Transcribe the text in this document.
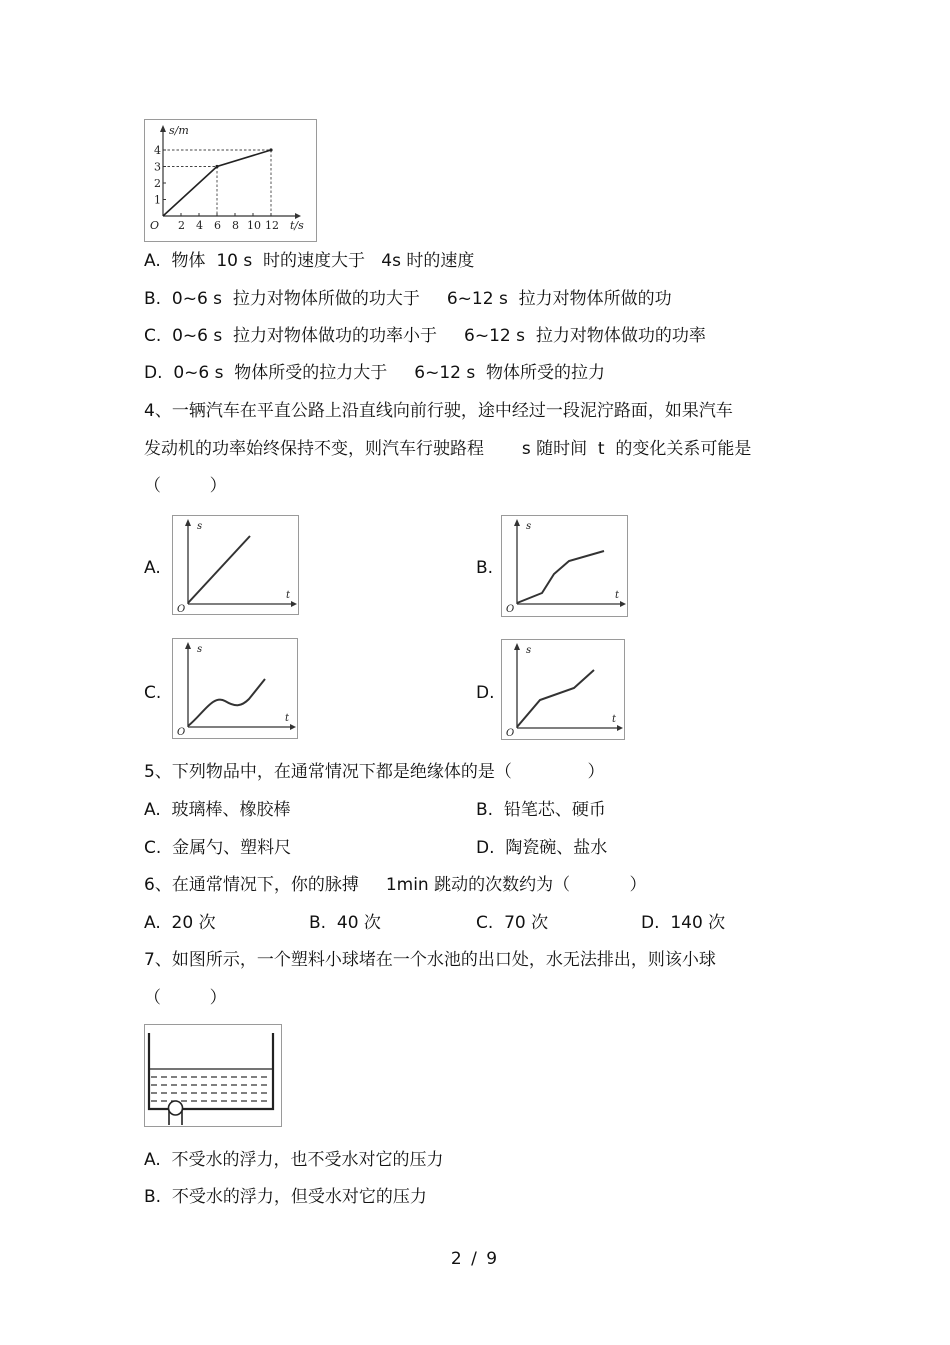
1
2
3
4
2 4 6 8 10 12
s/m
t/s
O
A. 物体  10 s  时的速度大于   4s 时的速度
B. 0~6 s  拉力对物体所做的功大于     6~12 s  拉力对物体所做的功
C. 0~6 s  拉力对物体做功的功率小于     6~12 s  拉力对物体做功的功率
D. 0~6 s  物体所受的拉力大于     6~12 s  物体所受的拉力
4、一辆汽车在平直公路上沿直线向前行驶，途中经过一段泥泞路面，如果汽车
发动机的功率始终保持不变，则汽车行驶路程       s 随时间  t  的变化关系可能是
（         ）
A.
s
t
O
B.
s
t
O
C.
s
t
O
D.
s
t
O
5、下列物品中，在通常情况下都是绝缘体的是（              ）
A. 玻璃棒、橡胶棒	B. 铅笔芯、硬币
C. 金属勺、塑料尺	D. 陶瓷碗、盐水
6、在通常情况下，你的脉搏     1min 跳动的次数约为（           ）
A. 20 次	B. 40 次	C. 70 次	D. 140 次
7、如图所示，一个塑料小球堵在一个水池的出口处，水无法排出，则该小球
（         ）
A. 不受水的浮力，也不受水对它的压力
B. 不受水的浮力，但受水对它的压力
2 / 9
